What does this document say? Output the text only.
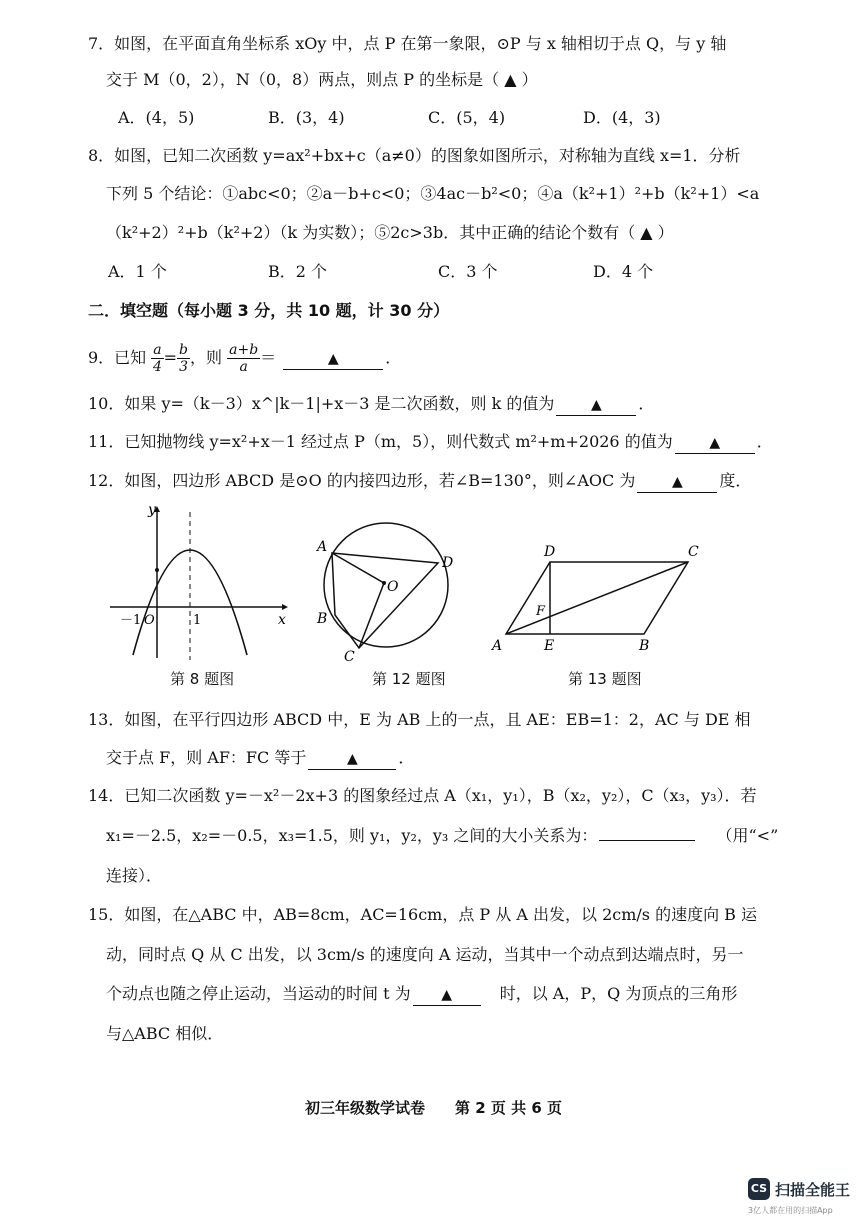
7．如图，在平面直角坐标系 xOy 中，点 P 在第一象限，⊙P 与 x 轴相切于点 Q，与 y 轴
交于 M（0，2），N（0，8）两点，则点 P 的坐标是（ ▲ ）
A．(4，5)	B．(3，4)	C．(5，4)	D．(4，3)
8．如图，已知二次函数 y=ax²+bx+c（a≠0）的图象如图所示，对称轴为直线 x=1．分析
下列 5 个结论：①abc<0；②a－b+c<0；③4ac－b²<0；④a（k²+1）²+b（k²+1）<a
（k²+2）²+b（k²+2）（k 为实数）；⑤2c>3b．其中正确的结论个数有（ ▲ ）
A．1 个	B．2 个	C．3 个	D．4 个
二．填空题（每小题 3 分，共 10 题，计 30 分）
9．已知 $\frac{a}{4} = \frac{b}{3}$ ，则 $\frac{a+b}{a}$ ＝	▲	．
10．如果 y=（k－3）x^|k－1|+x－3 是二次函数，则 k 的值为	▲ ．
11．已知抛物线 y=x²+x－1 经过点 P（m，5），则代数式 m²+m+2026 的值为	▲ ．
12．如图，四边形 ABCD 是⊙O 的内接四边形，若∠B=130°，则∠AOC 为	▲ 度．
y
x
－1 O	1
第 8 题图
A
D
B
C
O
第 12 题图
D	C
A	E	B
F
第 13 题图
13．如图，在平行四边形 ABCD 中，E 为 AB 上的一点，且 AE：EB=1：2，AC 与 DE 相
交于点 F，则 AF：FC 等于	▲	．
14．已知二次函数 y=－x²－2x+3 的图象经过点 A（x₁，y₁），B（x₂，y₂），C（x₃，y₃）．若
x₁=－2.5，x₂=－0.5，x₃=1.5，则 y₁，y₂，y₃ 之间的大小关系为：	（用“<”
连接）．
15．如图，在△ABC 中，AB=8cm，AC=16cm，点 P 从 A 出发，以 2cm/s 的速度向 B 运
动，同时点 Q 从 C 出发，以 3cm/s 的速度向 A 运动，当其中一个动点到达端点时，另一
个动点也随之停止运动，当运动的时间 t 为 ▲	时，以 A，P，Q 为顶点的三角形
与△ABC 相似．
初三年级数学试卷　　第 2 页 共 6 页
CS 扫描全能王
3亿人都在用的扫描App
